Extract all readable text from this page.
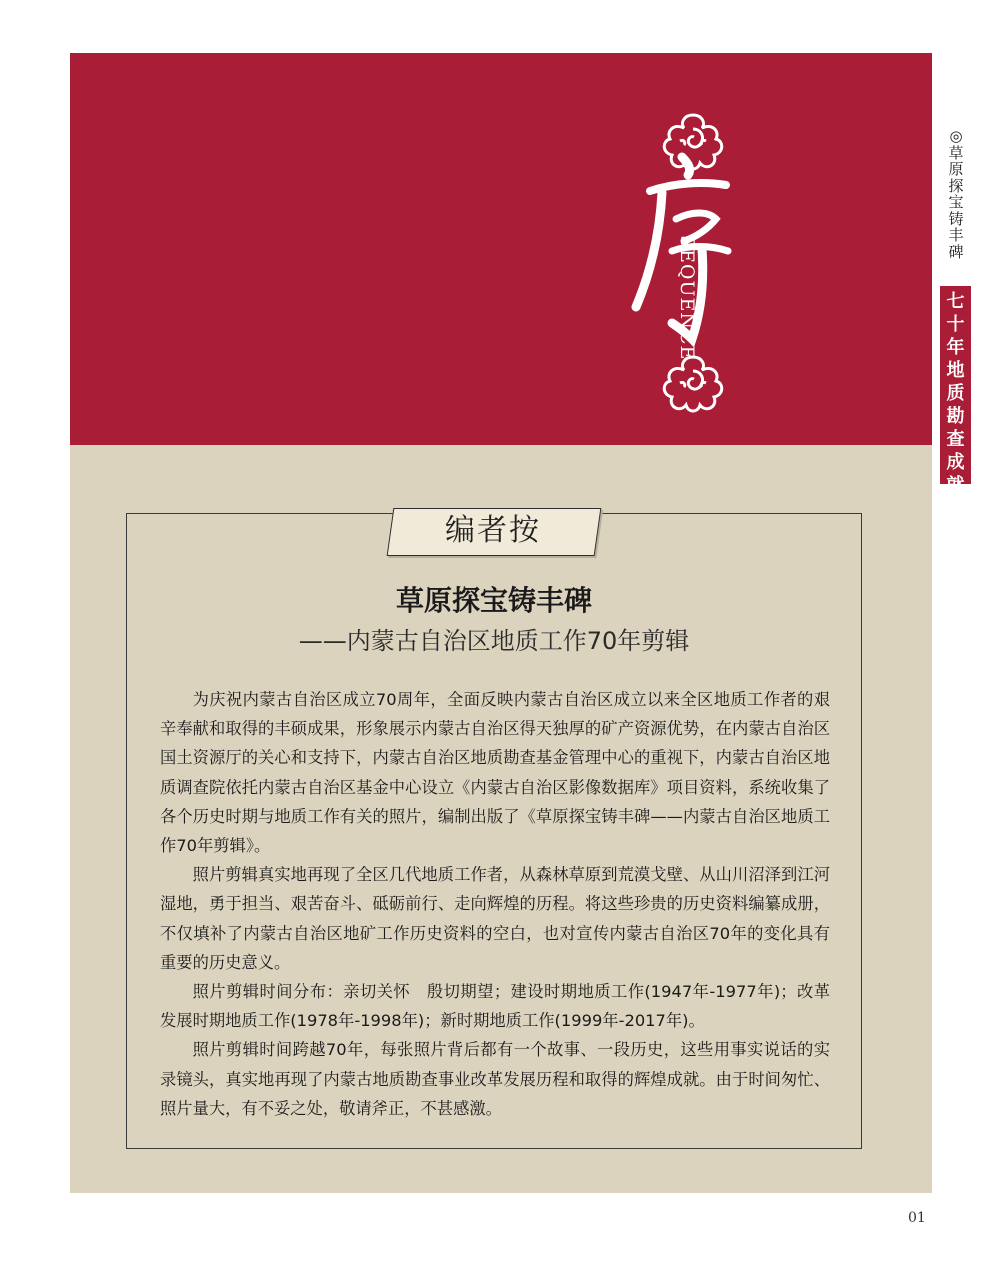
SEQUENCE
编者按
草原探宝铸丰碑
——内蒙古自治区地质工作70年剪辑

为庆祝内蒙古自治区成立70周年，全面反映内蒙古自治区成立以来全区地质工作者的艰辛奉献和取得的丰硕成果，形象展示内蒙古自治区得天独厚的矿产资源优势，在内蒙古自治区国土资源厅的关心和支持下，内蒙古自治区地质勘查基金管理中心的重视下，内蒙古自治区地质调查院依托内蒙古自治区基金中心设立《内蒙古自治区影像数据库》项目资料，系统收集了各个历史时期与地质工作有关的照片，编制出版了《草原探宝铸丰碑——内蒙古自治区地质工作70年剪辑》。

照片剪辑真实地再现了全区几代地质工作者，从森林草原到荒漠戈壁、从山川沼泽到江河湿地，勇于担当、艰苦奋斗、砥砺前行、走向辉煌的历程。将这些珍贵的历史资料编纂成册，不仅填补了内蒙古自治区地矿工作历史资料的空白，也对宣传内蒙古自治区70年的变化具有重要的历史意义。

照片剪辑时间分布：亲切关怀　殷切期望；建设时期地质工作(1947年-1977年)；改革发展时期地质工作(1978年-1998年)；新时期地质工作(1999年-2017年)。

照片剪辑时间跨越70年，每张照片背后都有一个故事、一段历史，这些用事实说话的实录镜头，真实地再现了内蒙古地质勘查事业改革发展历程和取得的辉煌成就。由于时间匆忙、照片量大，有不妥之处，敬请斧正，不甚感激。

◎草原探宝铸丰碑
七十年地质勘查成就
01
